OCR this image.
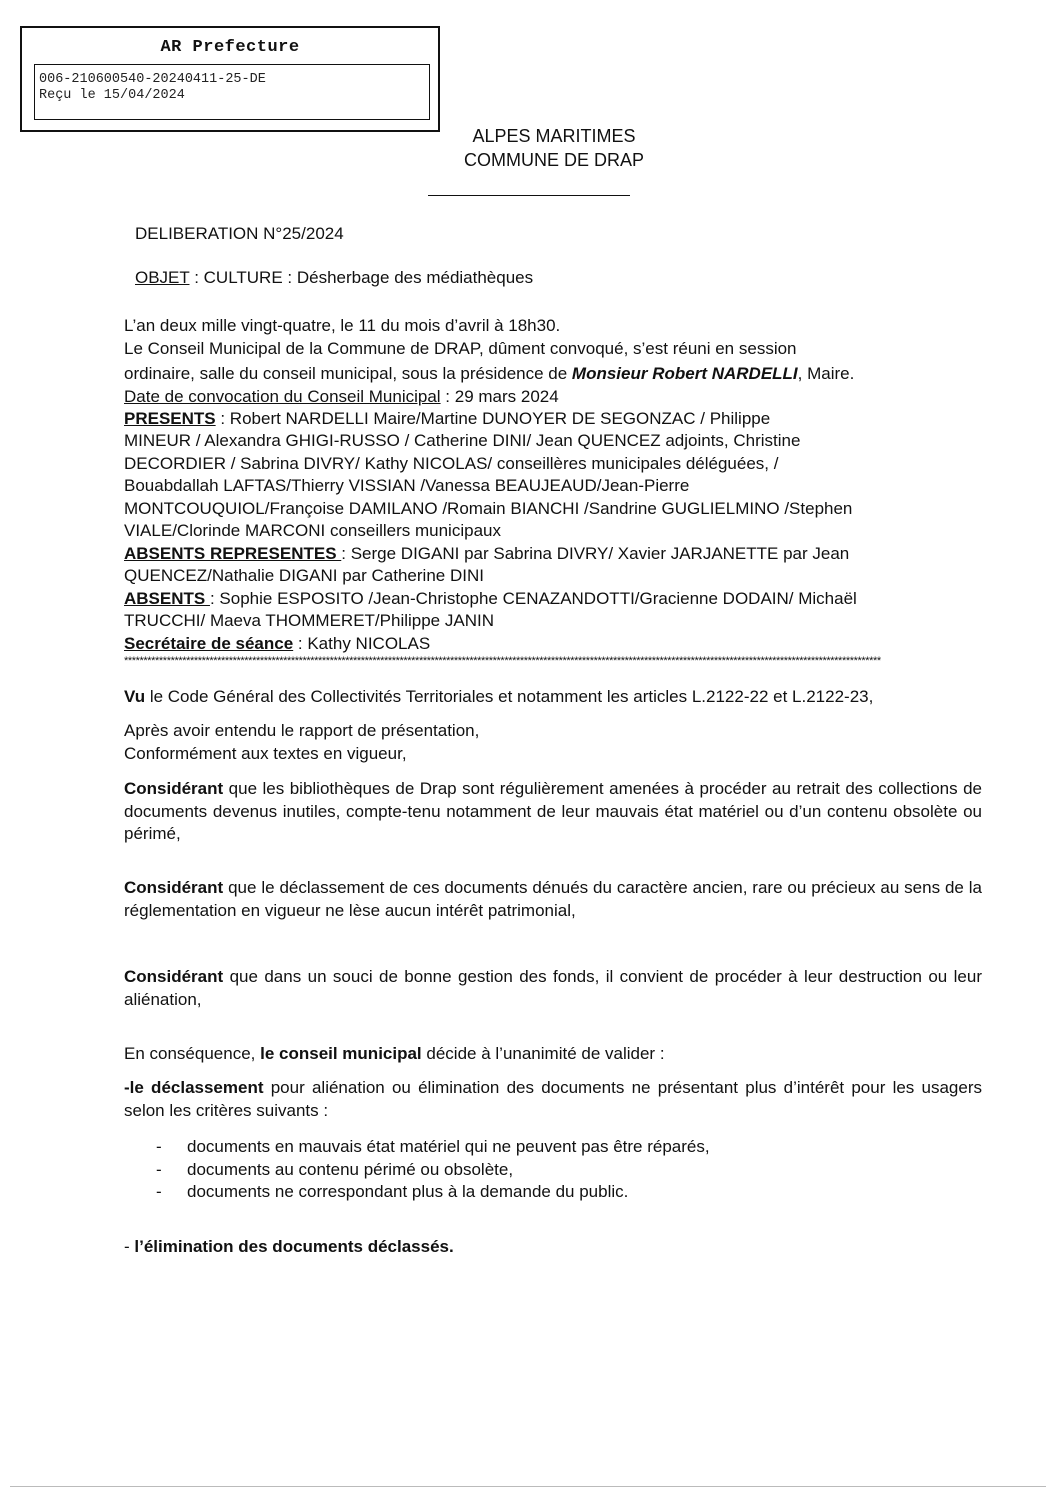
AR Prefecture
006-210600540-20240411-25-DE
Reçu le 15/04/2024
ALPES MARITIMES
COMMUNE DE DRAP
DELIBERATION N°25/2024
OBJET : CULTURE : Désherbage des médiathèques
L’an deux mille vingt-quatre, le 11 du mois d’avril à 18h30.
Le Conseil Municipal de la Commune de DRAP, dûment convoqué, s’est réuni en session
ordinaire, salle du conseil municipal, sous la présidence de Monsieur Robert NARDELLI, Maire.
Date de convocation du Conseil Municipal : 29 mars 2024
PRESENTS : Robert NARDELLI Maire/Martine DUNOYER DE SEGONZAC / Philippe
MINEUR / Alexandra GHIGI-RUSSO / Catherine DINI/ Jean QUENCEZ adjoints, Christine
DECORDIER / Sabrina DIVRY/ Kathy NICOLAS/ conseillères municipales déléguées, /
Bouabdallah LAFTAS/Thierry VISSIAN /Vanessa BEAUJEAUD/Jean-Pierre
MONTCOUQUIOL/Françoise DAMILANO /Romain BIANCHI /Sandrine GUGLIELMINO /Stephen
VIALE/Clorinde MARCONI conseillers municipaux
ABSENTS REPRESENTES : Serge DIGANI par Sabrina DIVRY/ Xavier JARJANETTE par Jean
QUENCEZ/Nathalie DIGANI par Catherine DINI
ABSENTS : Sophie ESPOSITO /Jean-Christophe CENAZANDOTTI/Gracienne DODAIN/ Michaël
TRUCCHI/ Maeva THOMMERET/Philippe JANIN
Secrétaire de séance : Kathy NICOLAS
***************************************************************************************************************************************************************************************************
Vu le Code Général des Collectivités Territoriales et notamment les articles L.2122-22 et L.2122-23,
Après avoir entendu le rapport de présentation,
Conformément aux textes en vigueur,
Considérant que les bibliothèques de Drap sont régulièrement amenées à procéder au retrait des collections de documents devenus inutiles, compte-tenu notamment de leur mauvais état matériel ou d’un contenu obsolète ou périmé,
Considérant que le déclassement de ces documents dénués du caractère ancien, rare ou précieux au sens de la réglementation en vigueur ne lèse aucun intérêt patrimonial,
Considérant que dans un souci de bonne gestion des fonds, il convient de procéder à leur destruction ou leur aliénation,
En conséquence, le conseil municipal décide à l’unanimité de valider :
-le déclassement pour aliénation ou élimination des documents ne présentant plus d’intérêt pour les usagers selon les critères suivants :
-	documents en mauvais état matériel qui ne peuvent pas être réparés,
-	documents au contenu périmé ou obsolète,
-	documents ne correspondant plus à la demande du public.
- l’élimination des documents déclassés.
